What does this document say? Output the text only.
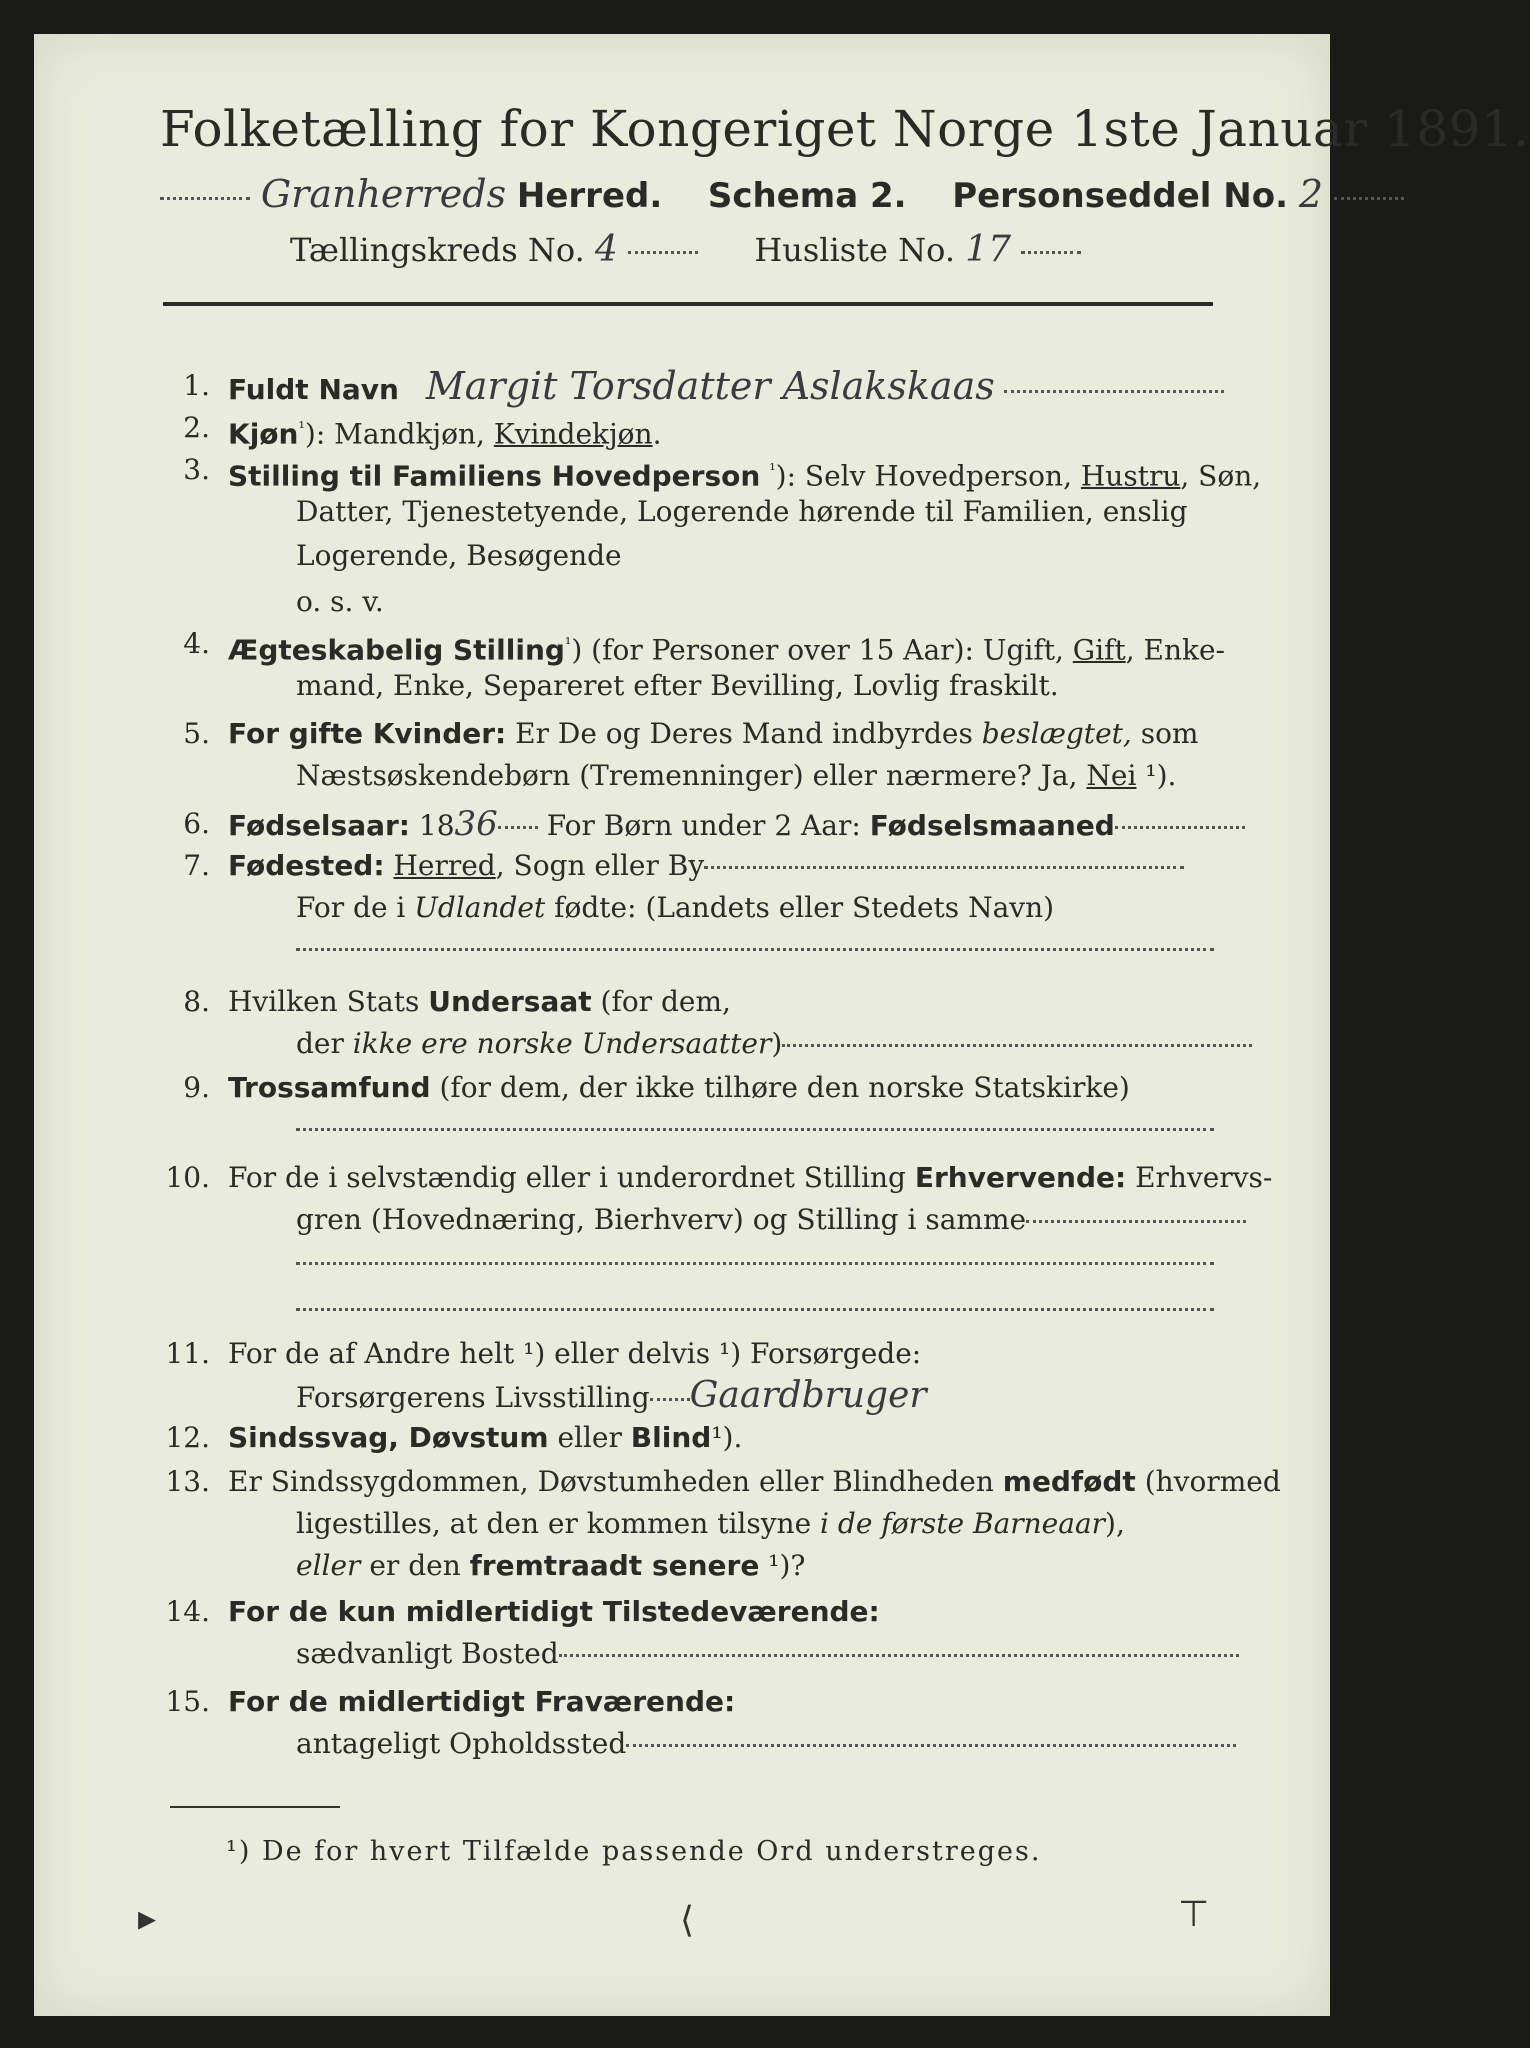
Folketælling for Kongeriget Norge 1ste Januar 1891.
Granherreds Herred. Schema 2. Personseddel No. 2
Tællingskreds No. 4	Husliste No. 17
1. Fuldt Navn Margit Torsdatter Aslakskaas
2. Kjøn$^{^1}$): Mandkjøn, Kvindekjøn.
3. Stilling til Familiens Hovedperson $^{^1}$): Selv Hovedperson, Hustru, Søn,
Datter, Tjenestetyende, Logerende hørende til Familien, enslig
Logerende, Besøgende
o. s. v.
4. Ægteskabelig Stilling$^{^1}$) (for Personer over 15 Aar): Ugift, Gift, Enke-
mand, Enke, Separeret efter Bevilling, Lovlig fraskilt.
5. For gifte Kvinder: Er De og Deres Mand indbyrdes beslægtet, som
Næstsøskendebørn (Tremenninger) eller nærmere? Ja, Nei ¹).
6. Fødselsaar: 1836 For Børn under 2 Aar: Fødselsmaaned
7. Fødested: Herred, Sogn eller By
For de i Udlandet fødte: (Landets eller Stedets Navn)
8. Hvilken Stats Undersaat (for dem,
der ikke ere norske Undersaatter)
9. Trossamfund (for dem, der ikke tilhøre den norske Statskirke)
10. For de i selvstændig eller i underordnet Stilling Erhvervende: Erhvervs-
gren (Hovednæring, Bierhverv) og Stilling i samme
11. For de af Andre helt ¹) eller delvis ¹) Forsørgede:
Forsørgerens Livsstilling Gaardbruger
12. Sindssvag, Døvstum eller Blind¹).
13. Er Sindssygdommen, Døvstumheden eller Blindheden medfødt (hvormed
ligestilles, at den er kommen tilsyne i de første Barneaar),
eller er den fremtraadt senere ¹)?
14. For de kun midlertidigt Tilstedeværende:
sædvanligt Bosted
15. For de midlertidigt Fraværende:
antageligt Opholdssted
¹) De for hvert Tilfælde passende Ord understreges.
▸	⟨	⊤
